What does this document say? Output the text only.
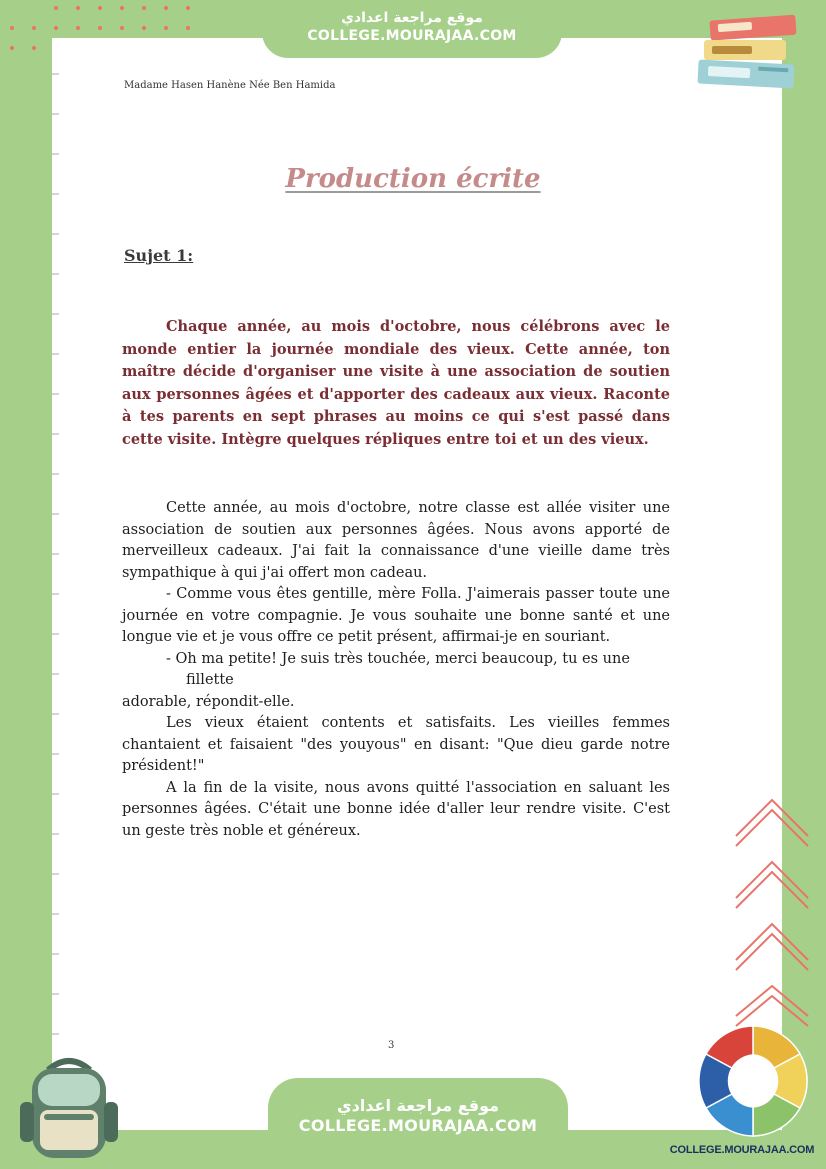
موقع مراجعة اعدادي
COLLEGE.MOURAJAA.COM
Madame Hasen Hanène Née Ben Hamida
Production écrite
Sujet 1:

Chaque année, au mois d'octobre, nous célébrons avec le monde entier la journée mondiale des vieux. Cette année, ton maître décide d'organiser une visite à une association de soutien aux personnes âgées et d'apporter des cadeaux aux vieux. Raconte à tes parents en sept phrases au moins ce qui s'est passé dans cette visite. Intègre quelques répliques entre toi et un des vieux.

Cette année, au mois d'octobre, notre classe est allée visiter une association de soutien aux personnes âgées. Nous avons apporté de merveilleux cadeaux. J'ai fait la connaissance d'une vieille dame très sympathique à qui j'ai offert mon cadeau.

- Comme vous êtes gentille, mère Folla. J'aimerais passer toute une journée en votre compagnie. Je vous souhaite une bonne santé et une longue vie et je vous offre ce petit présent, affirmai-je en souriant.

- Oh ma petite! Je suis très touchée, merci beaucoup, tu es une

fillette

adorable, répondit-elle.

Les vieux étaient contents et satisfaits. Les vieilles femmes chantaient et faisaient "des youyous" en disant: "Que dieu garde notre président!"

A la fin de la visite, nous avons quitté l'association en saluant les personnes âgées. C'était une bonne idée d'aller leur rendre visite. C'est un geste très noble et généreux.

3
موقع مراجعة اعدادي
COLLEGE.MOURAJAA.COM
COLLEGE.MOURAJAA.COM
